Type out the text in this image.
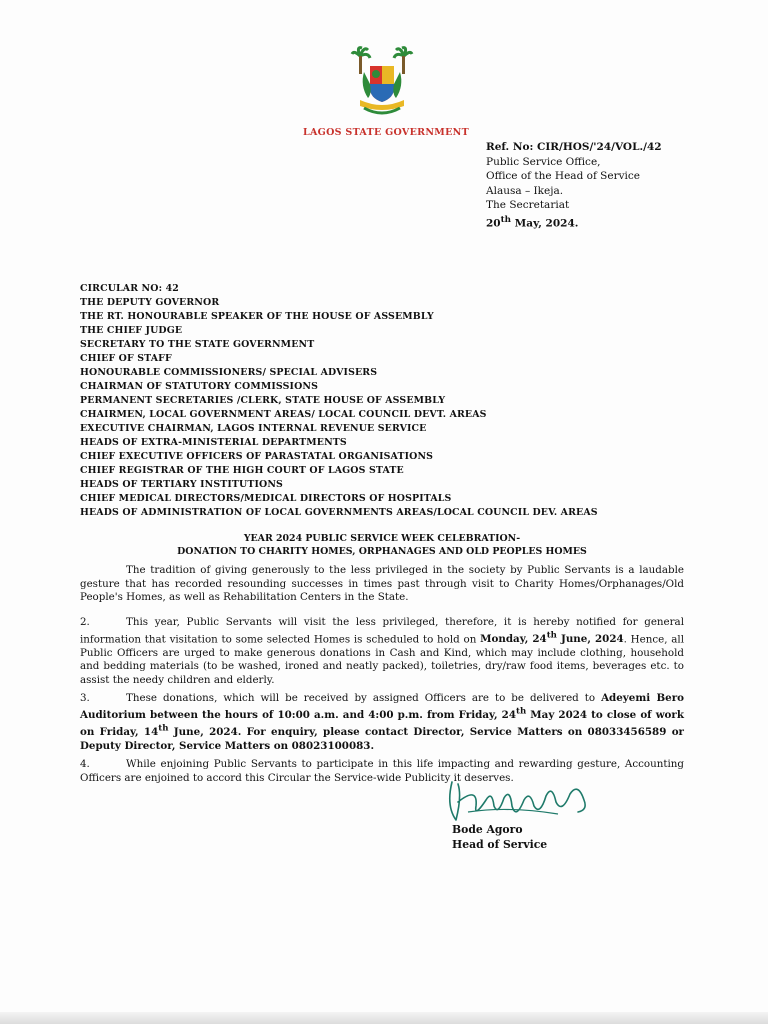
LAGOS STATE GOVERNMENT
Ref. No: CIR/HOS/'24/VOL./42
Public Service Office,
Office of the Head of Service
Alausa – Ikeja.
The Secretariat
20th May, 2024.
CIRCULAR NO: 42
THE DEPUTY GOVERNOR
THE RT. HONOURABLE SPEAKER OF THE HOUSE OF ASSEMBLY
THE CHIEF JUDGE
SECRETARY TO THE STATE GOVERNMENT
CHIEF OF STAFF
HONOURABLE COMMISSIONERS/ SPECIAL ADVISERS
CHAIRMAN OF STATUTORY COMMISSIONS
PERMANENT SECRETARIES /CLERK, STATE HOUSE OF ASSEMBLY
CHAIRMEN, LOCAL GOVERNMENT AREAS/ LOCAL COUNCIL DEVT. AREAS
EXECUTIVE CHAIRMAN, LAGOS INTERNAL REVENUE SERVICE
HEADS OF EXTRA-MINISTERIAL DEPARTMENTS
CHIEF EXECUTIVE OFFICERS OF PARASTATAL ORGANISATIONS
CHIEF REGISTRAR OF THE HIGH COURT OF LAGOS STATE
HEADS OF TERTIARY INSTITUTIONS
CHIEF MEDICAL DIRECTORS/MEDICAL DIRECTORS OF HOSPITALS
HEADS OF ADMINISTRATION OF LOCAL GOVERNMENTS AREAS/LOCAL COUNCIL DEV. AREAS
YEAR 2024 PUBLIC SERVICE WEEK CELEBRATION-
DONATION TO CHARITY HOMES, ORPHANAGES AND OLD PEOPLES HOMES
The tradition of giving generously to the less privileged in the society by Public Servants is a laudable gesture that has recorded resounding successes in times past through visit to Charity Homes/Orphanages/Old People's Homes, as well as Rehabilitation Centers in the State.
2.	This year, Public Servants will visit the less privileged, therefore, it is hereby notified for general information that visitation to some selected Homes is scheduled to hold on Monday, 24th June, 2024. Hence, all Public Officers are urged to make generous donations in Cash and Kind, which may include clothing, household and bedding materials (to be washed, ironed and neatly packed), toiletries, dry/raw food items, beverages etc. to assist the needy children and elderly.
3.	These donations, which will be received by assigned Officers are to be delivered to Adeyemi Bero Auditorium between the hours of 10:00 a.m. and 4:00 p.m. from Friday, 24th May 2024 to close of work on Friday, 14th June, 2024. For enquiry, please contact Director, Service Matters on 08033456589 or Deputy Director, Service Matters on 08023100083.
4.	While enjoining Public Servants to participate in this life impacting and rewarding gesture, Accounting Officers are enjoined to accord this Circular the Service-wide Publicity it deserves.
Bode Agoro
Head of Service
